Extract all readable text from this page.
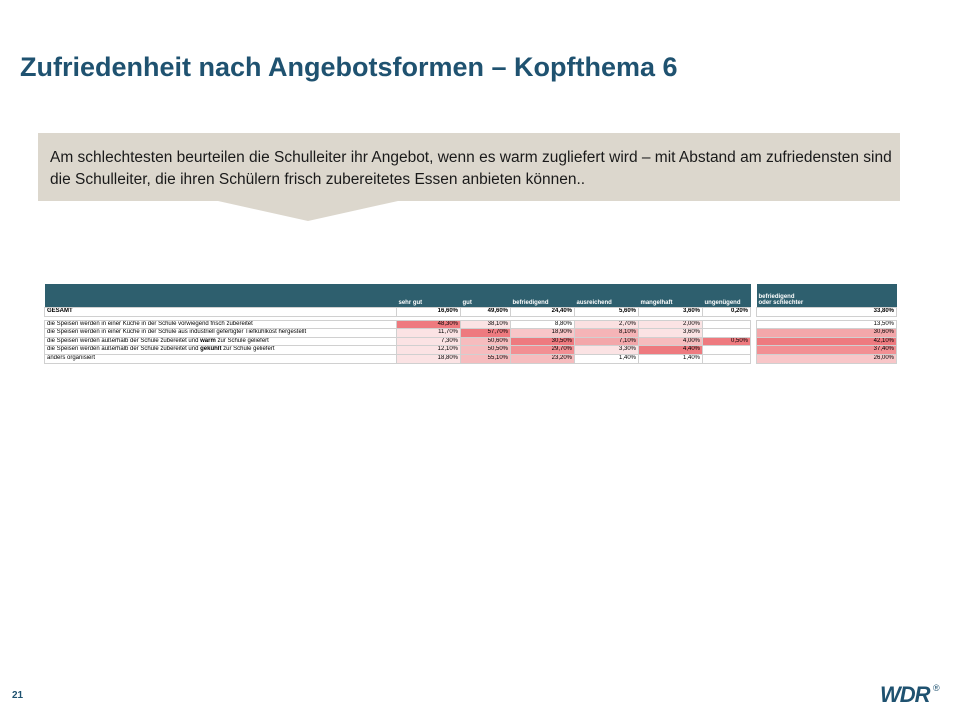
Zufriedenheit nach Angebotsformen – Kopfthema 6
Am schlechtesten beurteilen die Schulleiter ihr Angebot, wenn es warm zugliefert wird – mit Abstand am zufriedensten sind die Schulleiter, die ihren Schülern frisch zubereitetes Essen anbieten können..
	sehr gut	gut	befriedigend	ausreichend	mangelhaft	ungenügend		befriedigend
oder schlechter
GESAMT	16,60%	49,60%	24,40%	5,60%	3,60%	0,20%		33,80%

die Speisen werden in einer Küche in der Schule vorwiegend frisch zubereitet	48,30%	38,10%	8,80%	2,70%	2,00%			13,50%
die Speisen werden in einer Küche in der Schule aus industriell gefertigter Tiefkühlkost hergestellt	11,70%	57,70%	18,90%	8,10%	3,60%			30,60%
die Speisen werden außerhalb der Schule zubereitet und warm zur Schule geliefert	7,30%	50,60%	30,50%	7,10%	4,00%	0,50%		42,10%
die Speisen werden außerhalb der Schule zubereitet und gekühlt zur Schule geliefert	12,10%	50,50%	29,70%	3,30%	4,40%			37,40%
anders organisiert	18,80%	55,10%	23,20%	1,40%	1,40%			26,00%
21	WDR ®
